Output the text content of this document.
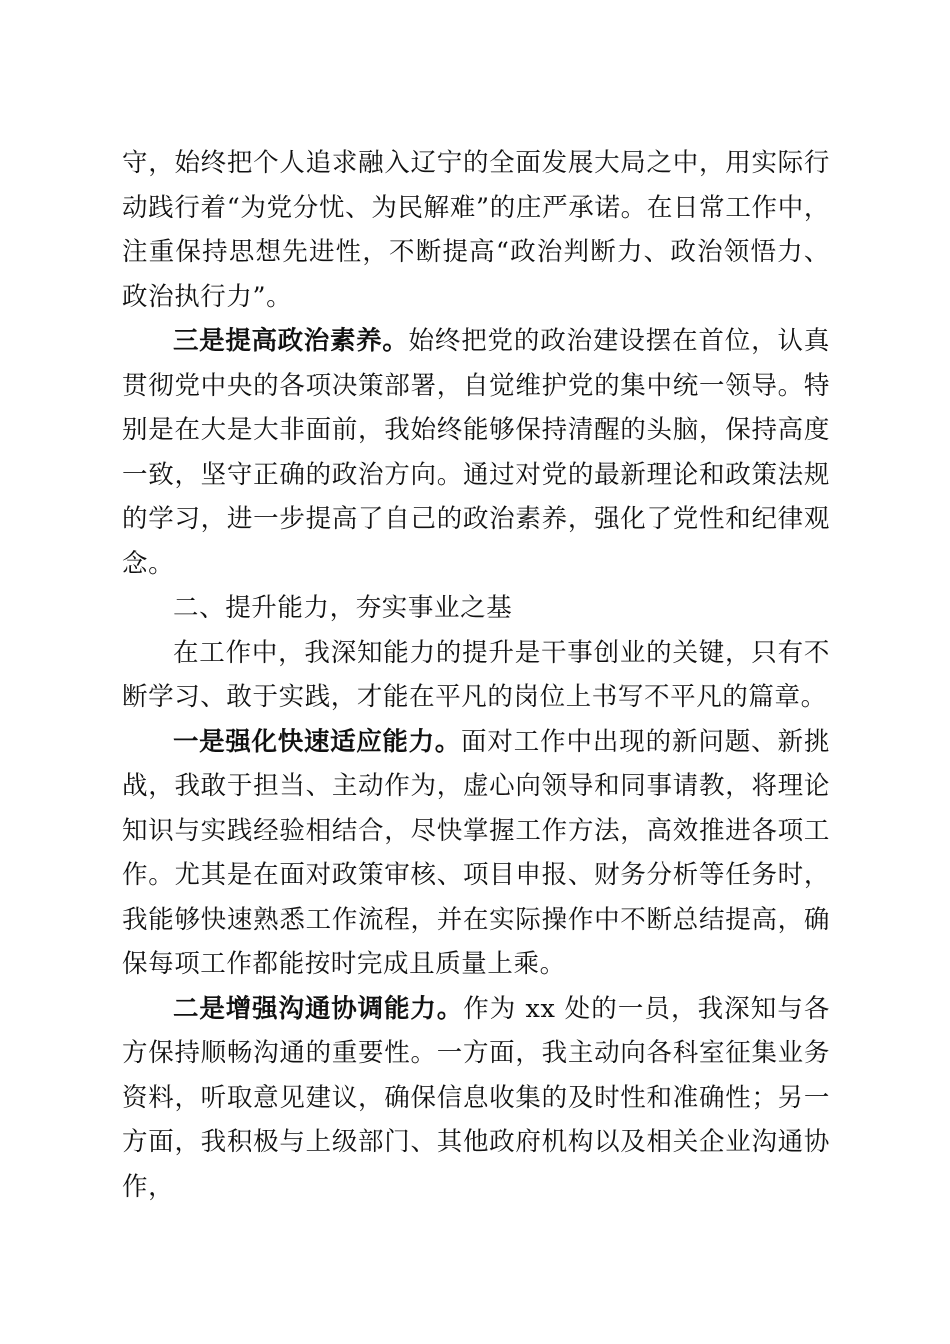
守，始终把个人追求融入辽宁的全面发展大局之中，用实际行动践行着“为党分忧、为民解难”的庄严承诺。在日常工作中，注重保持思想先进性，不断提高“政治判断力、政治领悟力、政治执行力”。

三是提高政治素养。始终把党的政治建设摆在首位，认真贯彻党中央的各项决策部署，自觉维护党的集中统一领导。特别是在大是大非面前，我始终能够保持清醒的头脑，保持高度一致，坚守正确的政治方向。通过对党的最新理论和政策法规的学习，进一步提高了自己的政治素养，强化了党性和纪律观念。

二、提升能力，夯实事业之基

在工作中，我深知能力的提升是干事创业的关键，只有不断学习、敢于实践，才能在平凡的岗位上书写不平凡的篇章。

一是强化快速适应能力。面对工作中出现的新问题、新挑战，我敢于担当、主动作为，虚心向领导和同事请教，将理论知识与实践经验相结合，尽快掌握工作方法，高效推进各项工作。尤其是在面对政策审核、项目申报、财务分析等任务时，我能够快速熟悉工作流程，并在实际操作中不断总结提高，确保每项工作都能按时完成且质量上乘。

二是增强沟通协调能力。作为 xx 处的一员，我深知与各方保持顺畅沟通的重要性。一方面，我主动向各科室征集业务资料，听取意见建议，确保信息收集的及时性和准确性；另一方面，我积极与上级部门、其他政府机构以及相关企业沟通协作，
